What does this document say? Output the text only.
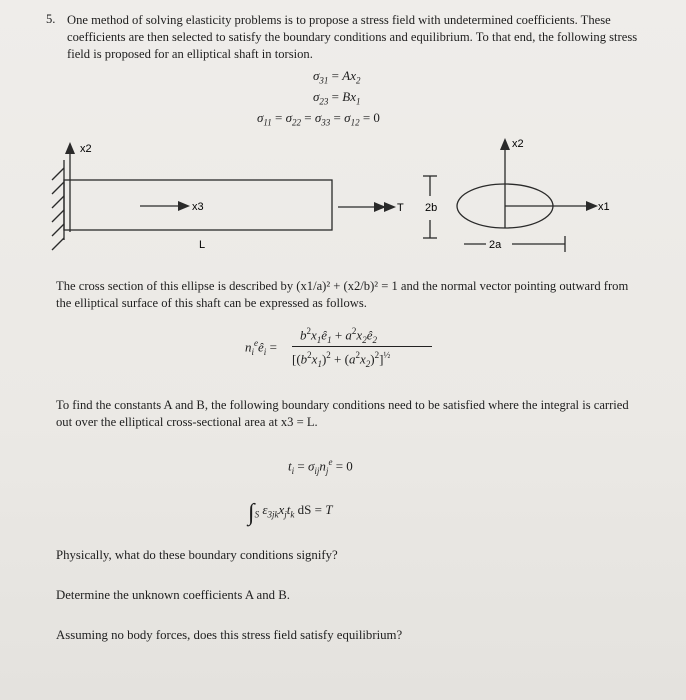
5. One method of solving elasticity problems is to propose a stress field with undetermined coefficients. These coefficients are then selected to satisfy the boundary conditions and equilibrium. To that end, the following stress field is proposed for an elliptical shaft in torsion.
$\sigma_{31} = Ax_2$
$\sigma_{23} = Bx_1$
$\sigma_{11} = \sigma_{22} = \sigma_{33} = \sigma_{12} = 0$
x2
x3
L
T
x2
x1
2b
2a
The cross section of this ellipse is described by (x1/a)² + (x2/b)² = 1 and the normal vector pointing outward from the elliptical surface of this shaft can be expressed as follows.
$n_i^eê_i$ =
$b^2x_1ê_1$ + $a^2x_2ê_2$
$[(b^2x_1)^2 + (a^2x_2)^2]^{\frac{1}{2}}$
To find the constants A and B, the following boundary conditions need to be satisfied where the integral is carried out over the elliptical cross-sectional area at x3 = L.
$t_i = \sigma_{ij}n_j^e = 0$
$\int_S$ $\varepsilon_{3jk}x_jt_k$ dS = T
Physically, what do these boundary conditions signify?
Determine the unknown coefficients A and B.
Assuming no body forces, does this stress field satisfy equilibrium?
